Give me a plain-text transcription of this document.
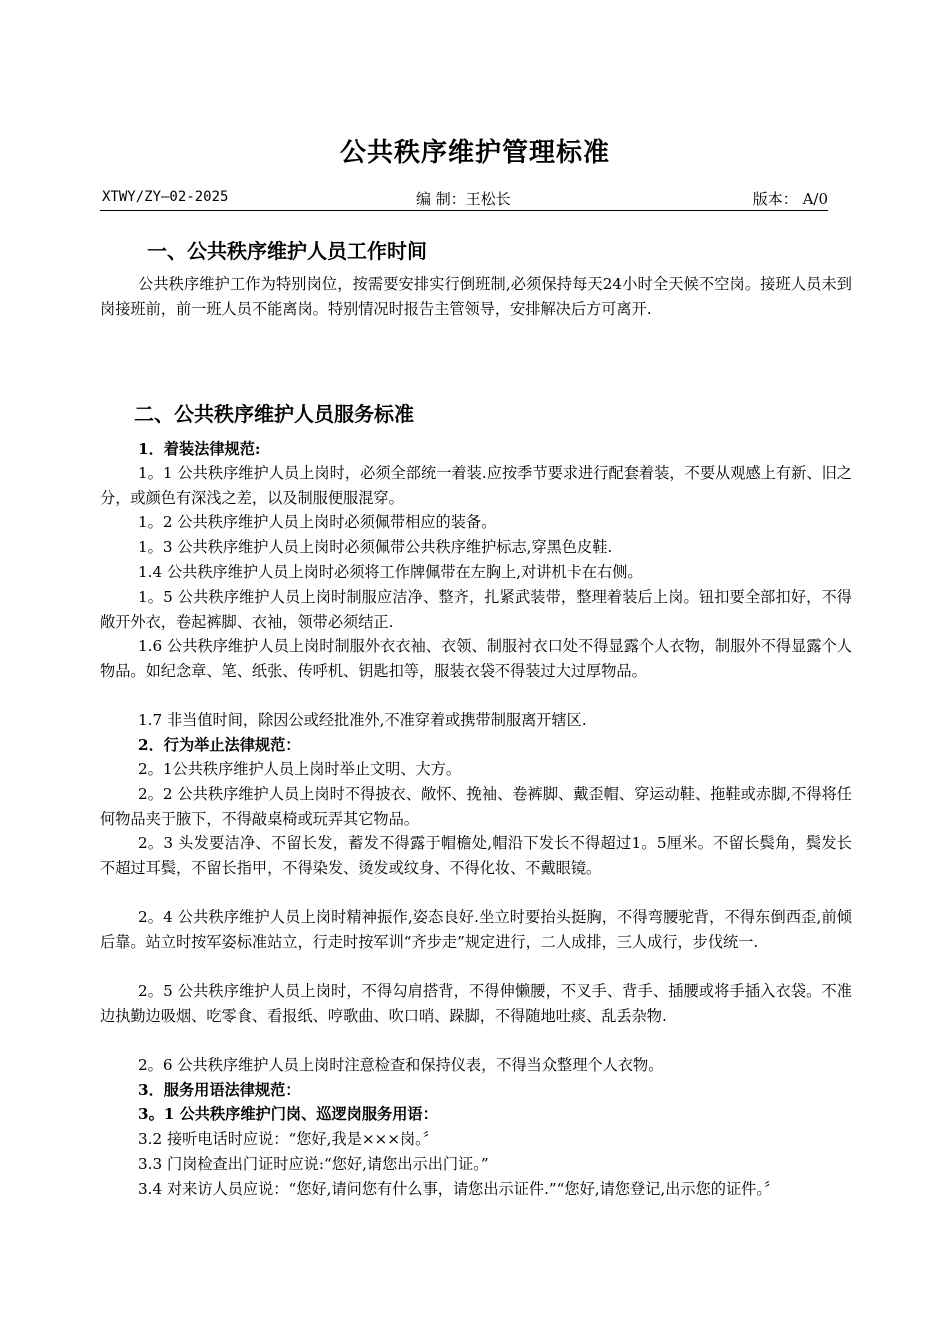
公共秩序维护管理标准
XTWY/ZY—02-2025	编 制：王松长	版本： A/0
一、公共秩序维护人员工作时间
公共秩序维护工作为特别岗位，按需要安排实行倒班制,必须保持每天24小时全天候不空岗。接班人员未到岗接班前，前一班人员不能离岗。特别情况时报告主管领导，安排解决后方可离开.
二、公共秩序维护人员服务标准
1．着装法律规范:
1。1 公共秩序维护人员上岗时，必须全部统一着装.应按季节要求进行配套着装，不要从观感上有新、旧之分，或颜色有深浅之差，以及制服便服混穿。
1。2 公共秩序维护人员上岗时必须佩带相应的装备。
1。3 公共秩序维护人员上岗时必须佩带公共秩序维护标志,穿黑色皮鞋.
1.4 公共秩序维护人员上岗时必须将工作牌佩带在左胸上,对讲机卡在右侧。
1。5 公共秩序维护人员上岗时制服应洁净、整齐，扎紧武装带，整理着装后上岗。钮扣要全部扣好，不得敞开外衣，卷起裤脚、衣袖，领带必须结正.
1.6 公共秩序维护人员上岗时制服外衣衣袖、衣领、制服衬衣口处不得显露个人衣物，制服外不得显露个人物品。如纪念章、笔、纸张、传呼机、钥匙扣等，服装衣袋不得装过大过厚物品。
1.7 非当值时间，除因公或经批准外,不准穿着或携带制服离开辖区.
2．行为举止法律规范：
2。1公共秩序维护人员上岗时举止文明、大方。
2。2 公共秩序维护人员上岗时不得披衣、敞怀、挽袖、卷裤脚、戴歪帽、穿运动鞋、拖鞋或赤脚,不得将任何物品夹于腋下，不得敲桌椅或玩弄其它物品。
2。3 头发要洁净、不留长发，蓄发不得露于帽檐处,帽沿下发长不得超过1。5厘米。不留长鬓角，鬓发长不超过耳鬓，不留长指甲，不得染发、烫发或纹身、不得化妆、不戴眼镜。
2。4 公共秩序维护人员上岗时精神振作,姿态良好.坐立时要抬头挺胸，不得弯腰驼背，不得东倒西歪,前倾后靠。站立时按军姿标准站立，行走时按军训“齐步走”规定进行，二人成排，三人成行，步伐统一.
2。5 公共秩序维护人员上岗时，不得勾肩搭背，不得伸懒腰，不叉手、背手、插腰或将手插入衣袋。不准边执勤边吸烟、吃零食、看报纸、哼歌曲、吹口哨、跺脚，不得随地吐痰、乱丢杂物.
2。6 公共秩序维护人员上岗时注意检查和保持仪表，不得当众整理个人衣物。
3．服务用语法律规范：
3。1 公共秩序维护门岗、巡逻岗服务用语：
3.2 接听电话时应说：“您好,我是×××岗。〞
3.3 门岗检查出门证时应说:“您好,请您出示出门证。”
3.4 对来访人员应说：“您好,请问您有什么事，请您出示证件.”“您好,请您登记,出示您的证件。〞
